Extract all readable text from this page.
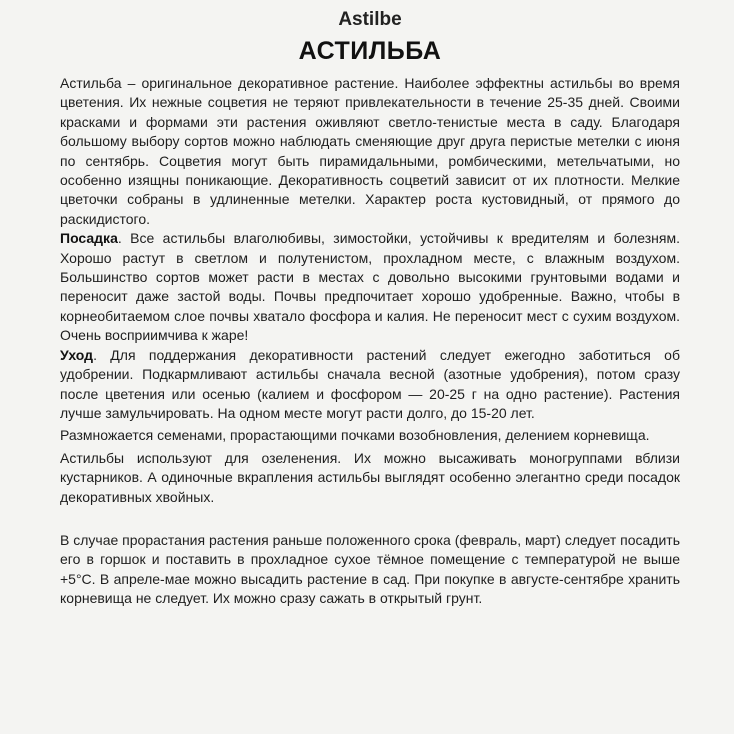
Astilbe
АСТИЛЬБА

Астильба – оригинальное декоративное растение. Наиболее эффектны астильбы во время цветения. Их нежные соцветия не теряют привлекательности в течение 25-35 дней. Своими красками и формами эти растения оживляют светло-тенистые места в саду. Благодаря большому выбору сортов можно наблюдать сменяющие друг друга перистые метелки с июня по сентябрь. Соцветия могут быть пирамидальными, ромбическими, метельчатыми, но особенно изящны поникающие. Декоративность соцветий зависит от их плотности. Мелкие цветочки собраны в удлиненные метелки. Характер роста кустовидный, от прямого до раскидистого.

Посадка. Все астильбы влаголюбивы, зимостойки, устойчивы к вредителям и болезням. Хорошо растут в светлом и полутенистом, прохладном месте, с влажным воздухом. Большинство сортов может расти в местах с довольно высокими грунтовыми водами и переносит даже застой воды. Почвы предпочитает хорошо удобренные. Важно, чтобы в корнеобитаемом слое почвы хватало фосфора и калия. Не переносит мест с сухим воздухом. Очень восприимчива к жаре!

Уход. Для поддержания декоративности растений следует ежегодно заботиться об удобрении. Подкармливают астильбы сначала весной (азотные удобрения), потом сразу после цветения или осенью (калием и фосфором — 20-25 г на одно растение). Растения лучше замульчировать. На одном месте могут расти долго, до 15-20 лет.

Размножается семенами, прорастающими почками возобновления, делением корневища.

Астильбы используют для озеленения. Их можно высаживать моногруппами вблизи кустарников. А одиночные вкрапления астильбы выглядят особенно элегантно среди посадок декоративных хвойных.

В случае прорастания растения раньше положенного срока (февраль, март) следует посадить его в горшок и поставить в прохладное сухое тёмное помещение с температурой не выше +5°С. В апреле-мае можно высадить растение в сад. При покупке в августе-сентябре хранить корневища не следует. Их можно сразу сажать в открытый грунт.
